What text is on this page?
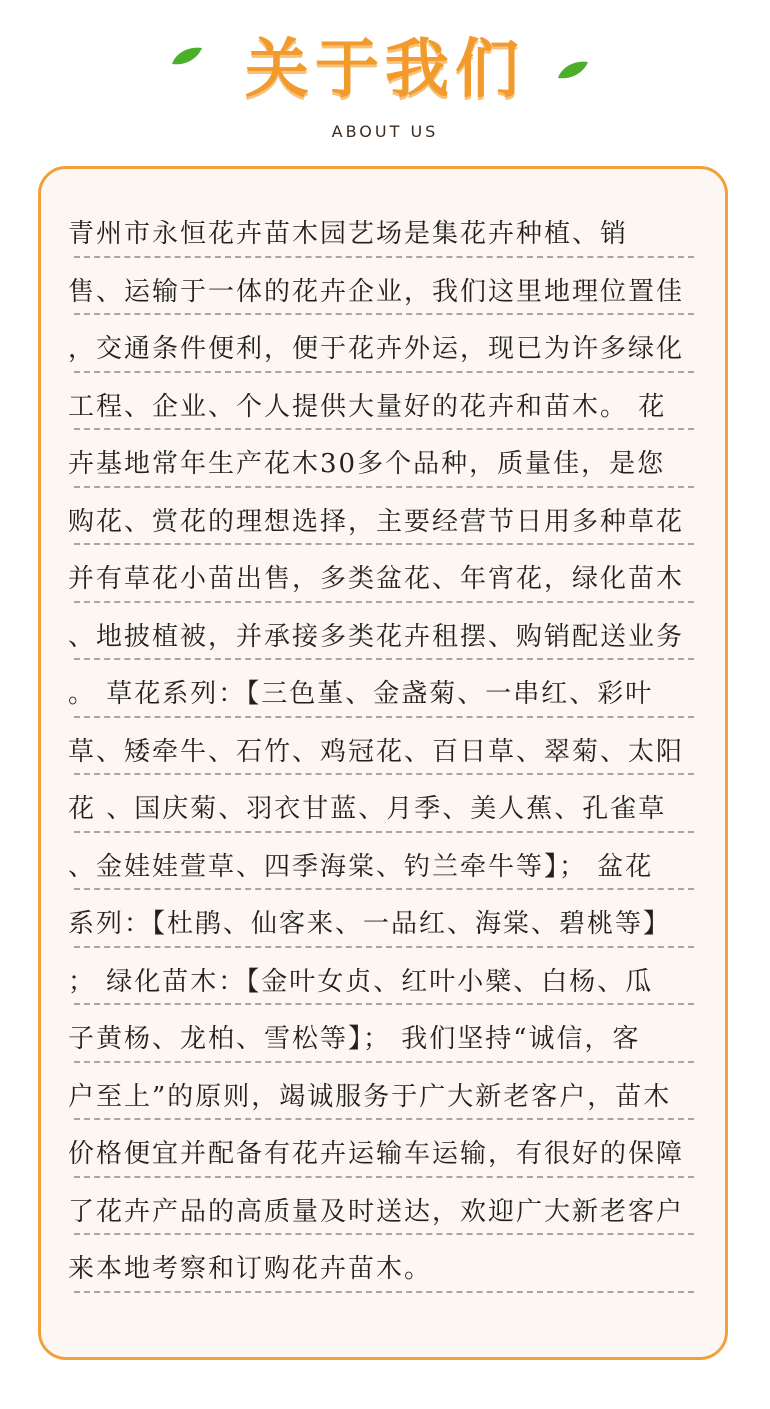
关于我们
ABOUT US
青州市永恒花卉苗木园艺场是集花卉种植、销
售、运输于一体的花卉企业，我们这里地理位置佳
，交通条件便利，便于花卉外运，现已为许多绿化
工程、企业、个人提供大量好的花卉和苗木。 花
卉基地常年生产花木30多个品种，质量佳，是您
购花、赏花的理想选择，主要经营节日用多种草花
并有草花小苗出售，多类盆花、年宵花，绿化苗木
、地披植被，并承接多类花卉租摆、购销配送业务
。 草花系列：【三色堇、金盏菊、一串红、彩叶
草、矮牵牛、石竹、鸡冠花、百日草、翠菊、太阳
花 、国庆菊、羽衣甘蓝、月季、美人蕉、孔雀草
、金娃娃萱草、四季海棠、钓兰牵牛等】； 盆花
系列：【杜鹃、仙客来、一品红、海棠、碧桃等】
； 绿化苗木：【金叶女贞、红叶小檗、白杨、瓜
子黄杨、龙柏、雪松等】； 我们坚持“诚信，客
户至上”的原则，竭诚服务于广大新老客户，苗木
价格便宜并配备有花卉运输车运输，有很好的保障
了花卉产品的高质量及时送达，欢迎广大新老客户
来本地考察和订购花卉苗木。
